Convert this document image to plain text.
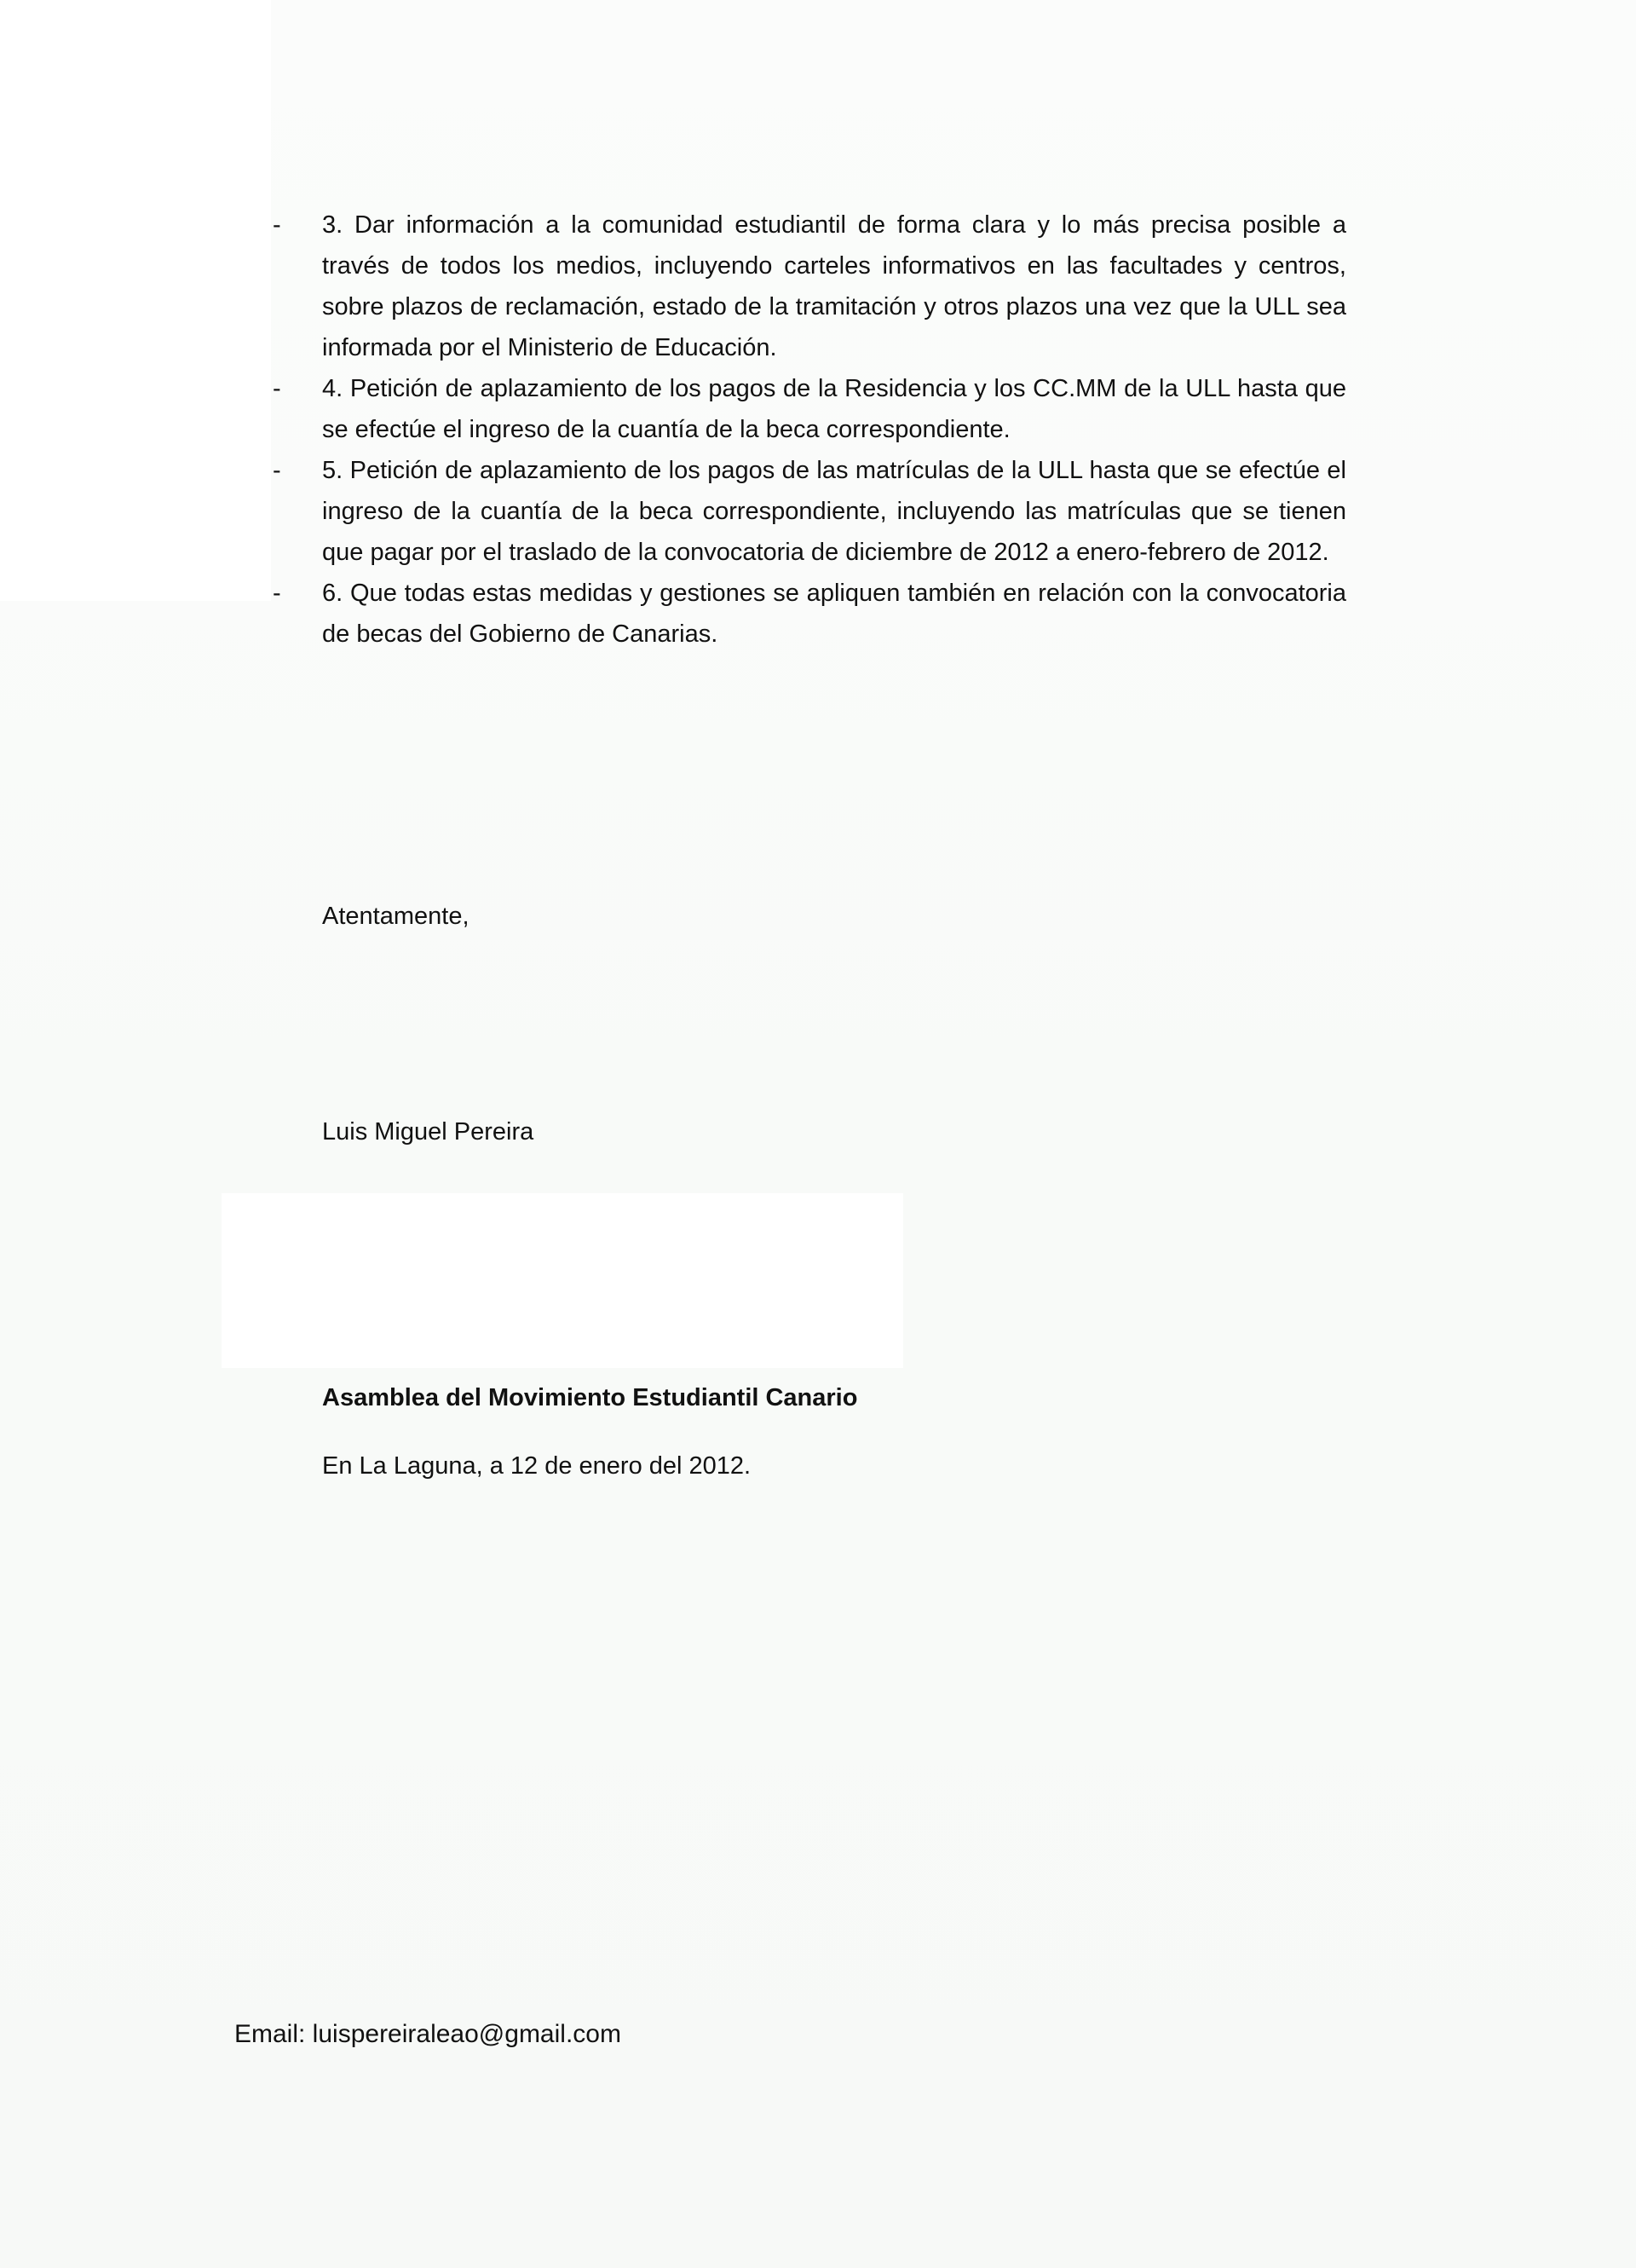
- 3. Dar información a la comunidad estudiantil de forma clara y lo más precisa posible a través de todos los medios, incluyendo carteles informativos en las facultades y centros, sobre plazos de reclamación, estado de la tramitación y otros plazos una vez que la ULL sea informada por el Ministerio de Educación.

- 4. Petición de aplazamiento de los pagos de la Residencia y los CC.MM de la ULL hasta que se efectúe el ingreso de la cuantía de la beca correspondiente.

- 5. Petición de aplazamiento de los pagos de las matrículas de la ULL hasta que se efectúe el ingreso de la cuantía de la beca correspondiente, incluyendo las matrículas que se tienen que pagar por el traslado de la convocatoria de diciembre de 2012 a enero-febrero de 2012.

- 6. Que todas estas medidas y gestiones se apliquen también en relación con la convocatoria de becas del Gobierno de Canarias.

Atentamente,
Luis Miguel Pereira
Asamblea del Movimiento Estudiantil Canario
En La Laguna, a 12 de enero del 2012.
Email: luispereiraleao@gmail.com
